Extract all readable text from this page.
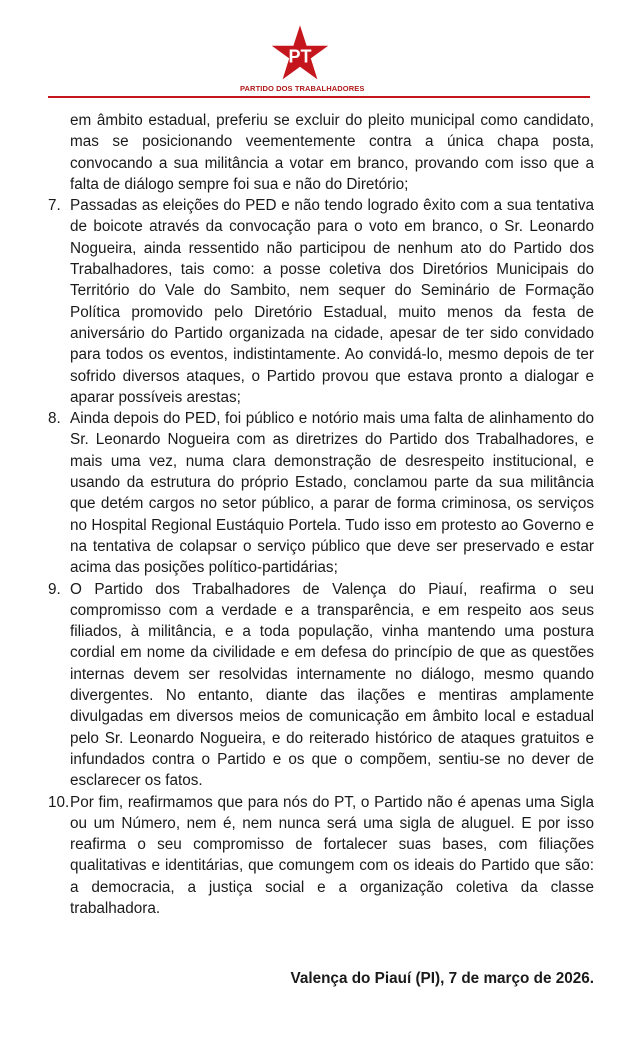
PT
PARTIDO DOS TRABALHADORES
em âmbito estadual, preferiu se excluir do pleito municipal como candidato, mas se posicionando veementemente contra a única chapa posta, convocando a sua militância a votar em branco, provando com isso que a falta de diálogo sempre foi sua e não do Diretório;
7. Passadas as eleições do PED e não tendo logrado êxito com a sua tentativa de boicote através da convocação para o voto em branco, o Sr. Leonardo Nogueira, ainda ressentido não participou de nenhum ato do Partido dos Trabalhadores, tais como: a posse coletiva dos Diretórios Municipais do Território do Vale do Sambito, nem sequer do Seminário de Formação Política promovido pelo Diretório Estadual, muito menos da festa de aniversário do Partido organizada na cidade, apesar de ter sido convidado para todos os eventos, indistintamente. Ao convidá-lo, mesmo depois de ter sofrido diversos ataques, o Partido provou que estava pronto a dialogar e aparar possíveis arestas;
8. Ainda depois do PED, foi público e notório mais uma falta de alinhamento do Sr. Leonardo Nogueira com as diretrizes do Partido dos Trabalhadores, e mais uma vez, numa clara demonstração de desrespeito institucional, e usando da estrutura do próprio Estado, conclamou parte da sua militância que detém cargos no setor público, a parar de forma criminosa, os serviços no Hospital Regional Eustáquio Portela. Tudo isso em protesto ao Governo e na tentativa de colapsar o serviço público que deve ser preservado e estar acima das posições político-partidárias;
9. O Partido dos Trabalhadores de Valença do Piauí, reafirma o seu compromisso com a verdade e a transparência, e em respeito aos seus filiados, à militância, e a toda população, vinha mantendo uma postura cordial em nome da civilidade e em defesa do princípio de que as questões internas devem ser resolvidas internamente no diálogo, mesmo quando divergentes. No entanto, diante das ilações e mentiras amplamente divulgadas em diversos meios de comunicação em âmbito local e estadual pelo Sr. Leonardo Nogueira, e do reiterado histórico de ataques gratuitos e infundados contra o Partido e os que o compõem, sentiu-se no dever de esclarecer os fatos.
10. Por fim, reafirmamos que para nós do PT, o Partido não é apenas uma Sigla ou um Número, nem é, nem nunca será uma sigla de aluguel. E por isso reafirma o seu compromisso de fortalecer suas bases, com filiações qualitativas e identitárias, que comungem com os ideais do Partido que são: a democracia, a justiça social e a organização coletiva da classe trabalhadora.
Valença do Piauí (PI), 7 de março de 2026.
